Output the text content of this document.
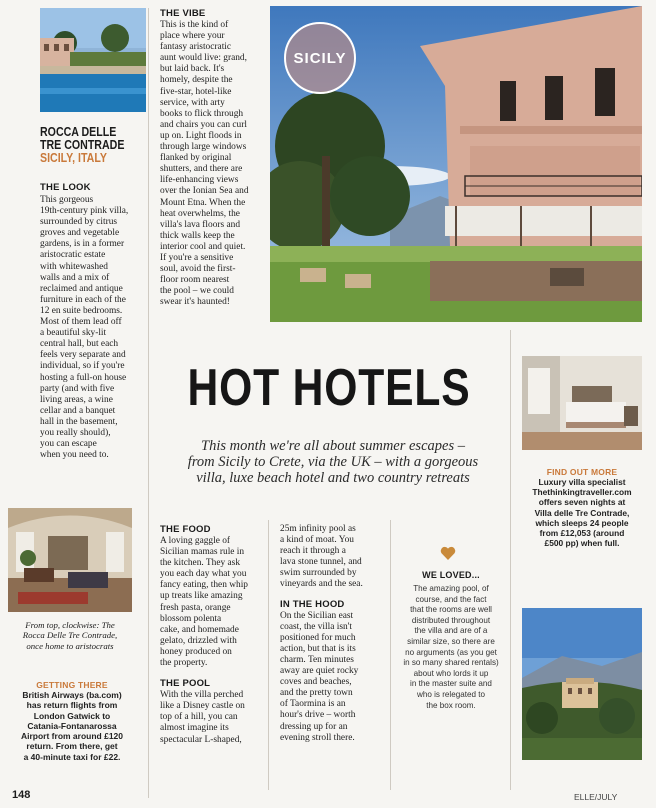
ROCCA DELLE
TRE CONTRADE
SICILY, ITALY
THE LOOK
This gorgeous
19th-century pink villa,
surrounded by citrus
groves and vegetable
gardens, is in a former
aristocratic estate
with whitewashed
walls and a mix of
reclaimed and antique
furniture in each of the
12 en suite bedrooms.
Most of them lead off
a beautiful sky-lit
central hall, but each
feels very separate and
individual, so if you're
hosting a full-on house
party (and with five
living areas, a wine
cellar and a banquet
hall in the basement,
you really should),
you can escape
when you need to.
THE VIBE
This is the kind of
place where your
fantasy aristocratic
aunt would live: grand,
but laid back. It's
homely, despite the
five-star, hotel-like
service, with arty
books to flick through
and chairs you can curl
up on. Light floods in
through large windows
flanked by original
shutters, and there are
life-enhancing views
over the Ionian Sea and
Mount Etna. When the
heat overwhelms, the
villa's lava floors and
thick walls keep the
interior cool and quiet.
If you're a sensitive
soul, avoid the first-
floor room nearest
the pool – we could
swear it's haunted!
SICILY
HOT HOTELS
This month we're all about summer escapes –
from Sicily to Crete, via the UK – with a gorgeous
villa, luxe beach hotel and two country retreats	FIND OUT MORE
Luxury villa specialist
Thethinkingtraveller.com
offers seven nights at
Villa delle Tre Contrade,
which sleeps 24 people
from £12,053 (around
£500 pp) when full.
From top, clockwise: The
Rocca Delle Tre Contrade,
once home to aristocrats
GETTING THERE
British Airways (ba.com)
has return flights from
London Gatwick to
Catania-Fontanarossa
Airport from around £120
return. From there, get
a 40-minute taxi for £22.
THE FOOD
A loving gaggle of
Sicilian mamas rule in
the kitchen. They ask
you each day what you
fancy eating, then whip
up treats like amazing
fresh pasta, orange
blossom polenta
cake, and homemade
gelato, drizzled with
honey produced on
the property.
THE POOL
With the villa perched
like a Disney castle on
top of a hill, you can
almost imagine its
spectacular L-shaped,
25m infinity pool as
a kind of moat. You
reach it through a
lava stone tunnel, and
swim surrounded by
vineyards and the sea.
IN THE HOOD
On the Sicilian east
coast, the villa isn't
positioned for much
action, but that is its
charm. Ten minutes
away are quiet rocky
coves and beaches,
and the pretty town
of Taormina is an
hour's drive – worth
dressing up for an
evening stroll there.
WE LOVED...
The amazing pool, of
course, and the fact
that the rooms are well
distributed throughout
the villa and are of a
similar size, so there are
no arguments (as you get
in so many shared rentals)
about who lords it up
in the master suite and
who is relegated to
the box room.
148	ELLE/JULY
